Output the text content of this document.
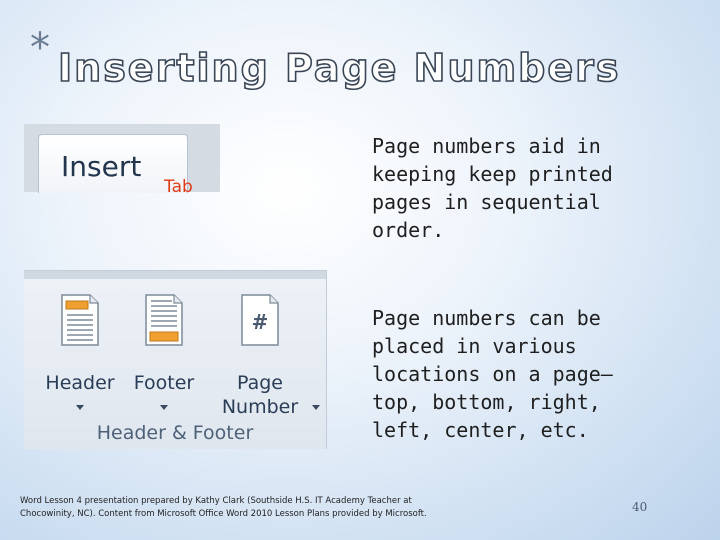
* Inserting Page Numbers
Insert
Tab
Header	Footer
#
Page
Number
Header & Footer
Page numbers aid in keeping keep printed pages in sequential order.
Page numbers can be placed in various locations on a page—top, bottom, right, left, center, etc.
Word Lesson 4 presentation prepared by Kathy Clark (Southside H.S. IT Academy Teacher at Chocowinity, NC). Content from Microsoft Office Word 2010 Lesson Plans provided by Microsoft.	40
